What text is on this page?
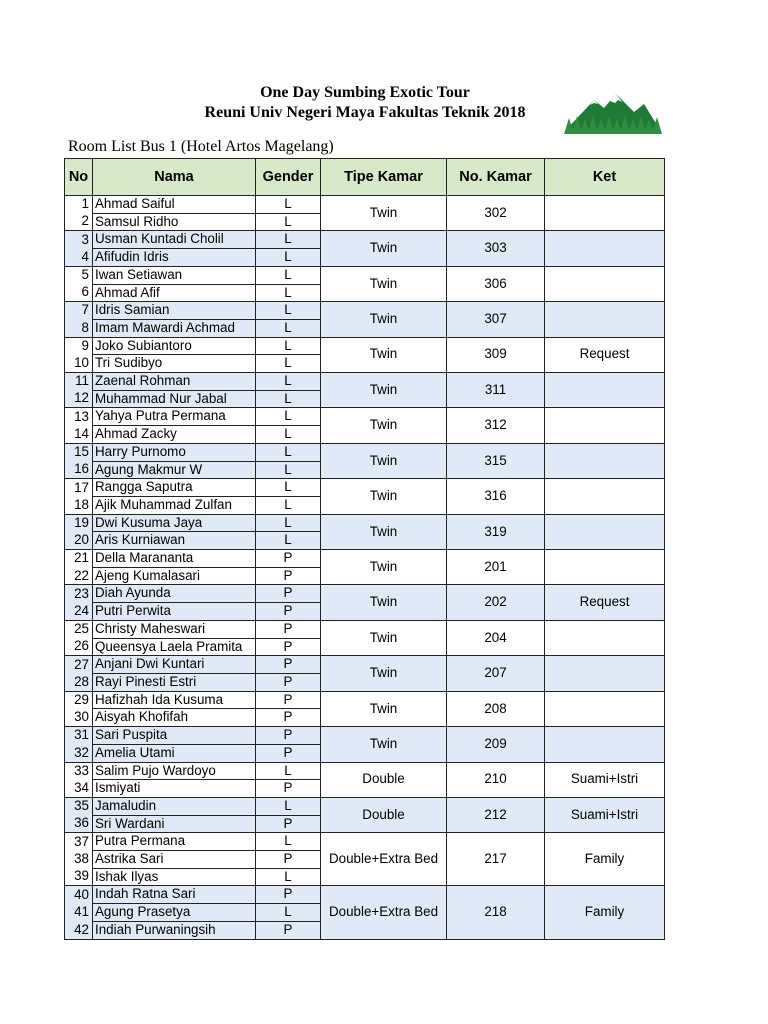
One Day Sumbing Exotic Tour
Reuni Univ Negeri Maya Fakultas Teknik 2018
Room List Bus 1 (Hotel Artos Magelang)
No	Nama	Gender	Tipe Kamar	No. Kamar	Ket
1	Ahmad Saiful	L	Twin	302	
2	Samsul Ridho	L			
3	Usman Kuntadi Cholil	L	Twin	303	
4	Afifudin Idris	L			
5	Iwan Setiawan	L	Twin	306	
6	Ahmad Afif	L			
7	Idris Samian	L	Twin	307	
8	Imam Mawardi Achmad	L			
9	Joko Subiantoro	L	Twin	309	Request
10	Tri Sudibyo	L			
11	Zaenal Rohman	L	Twin	311	
12	Muhammad Nur Jabal	L			
13	Yahya Putra Permana	L	Twin	312	
14	Ahmad Zacky	L			
15	Harry Purnomo	L	Twin	315	
16	Agung Makmur W	L			
17	Rangga Saputra	L	Twin	316	
18	Ajik Muhammad Zulfan	L			
19	Dwi Kusuma Jaya	L	Twin	319	
20	Aris Kurniawan	L			
21	Della Marananta	P	Twin	201	
22	Ajeng Kumalasari	P			
23	Diah Ayunda	P	Twin	202	Request
24	Putri Perwita	P			
25	Christy Maheswari	P	Twin	204	
26	Queensya Laela Pramita	P			
27	Anjani Dwi Kuntari	P	Twin	207	
28	Rayi Pinesti Estri	P			
29	Hafizhah Ida Kusuma	P	Twin	208	
30	Aisyah Khofifah	P			
31	Sari Puspita	P	Twin	209	
32	Amelia Utami	P			
33	Salim Pujo Wardoyo	L	Double	210	Suami+Istri
34	Ismiyati	P			
35	Jamaludin	L	Double	212	Suami+Istri
36	Sri Wardani	P			
37	Putra Permana	L	Double+Extra Bed	217	Family
38	Astrika Sari	P			
39	Ishak Ilyas	L			
40	Indah Ratna Sari	P	Double+Extra Bed	218	Family
41	Agung Prasetya	L			
42	Indiah Purwaningsih	P			
